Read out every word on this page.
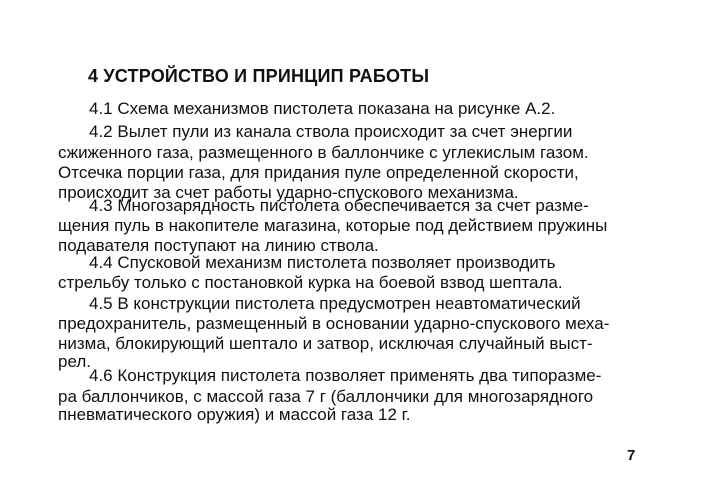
4 УСТРОЙСТВО И ПРИНЦИП РАБОТЫ

4.1 Схема механизмов пистолета показана на рисунке А.2.

4.2 Вылет пули из канала ствола происходит за счет энергии

сжиженного газа, размещенного в баллончике с углекислым газом.

Отсечка порции газа, для придания пуле определенной скорости,

происходит за счет работы ударно-спускового механизма.

4.3 Многозарядность пистолета обеспечивается за счет разме-

щения пуль в накопителе магазина, которые под действием пружины

подавателя поступают на линию ствола.

4.4 Спусковой механизм пистолета позволяет производить

стрельбу только с постановкой курка на боевой взвод шептала.

4.5 В конструкции пистолета предусмотрен неавтоматический

предохранитель, размещенный в основании ударно-спускового меха-

низма, блокирующий шептало и затвор, исключая случайный выст-

рел.

4.6 Конструкция пистолета позволяет применять два типоразме-

ра баллончиков, с массой газа 7 г (баллончики для многозарядного

пневматического оружия) и массой газа 12 г.

7
